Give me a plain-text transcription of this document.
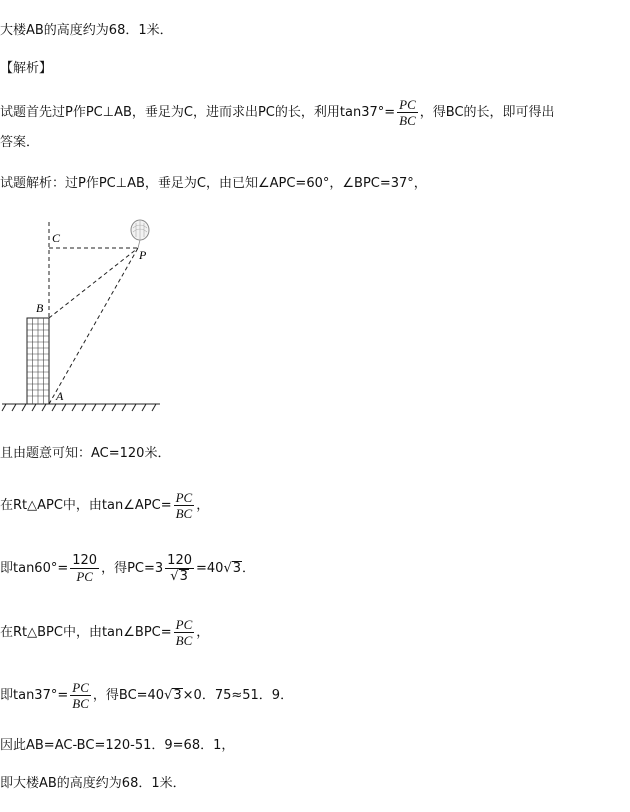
大楼AB的高度约为68．1米．
【解析】
试题首先过P作PC⊥AB，垂足为C，进而求出PC的长，利用$\tan 37^\circ= \frac{PC}{BC}$ ，得BC的长，即可得出
答案．
试题解析：过P作PC⊥AB，垂足为C，由已知∠APC=60°，∠BPC=37°，
C
P
B
A
且由题意可知：AC=120米．
在Rt△APC中，由tan∠APC= $\frac{PC}{BC}$ ，
即$\tan 60^\circ= \frac{120}{PC}$ ，得$PC=3 \frac{120}{√3} =40√3$．
在Rt△BPC中，由tan∠BPC= $\frac{PC}{BC}$ ，
即$\tan 37^\circ= \frac{PC}{BC}$ ，得BC=40√3×0．75≈51．9．
因此AB=AC-BC=120-51．9=68．1，
即大楼AB的高度约为68．1米．
